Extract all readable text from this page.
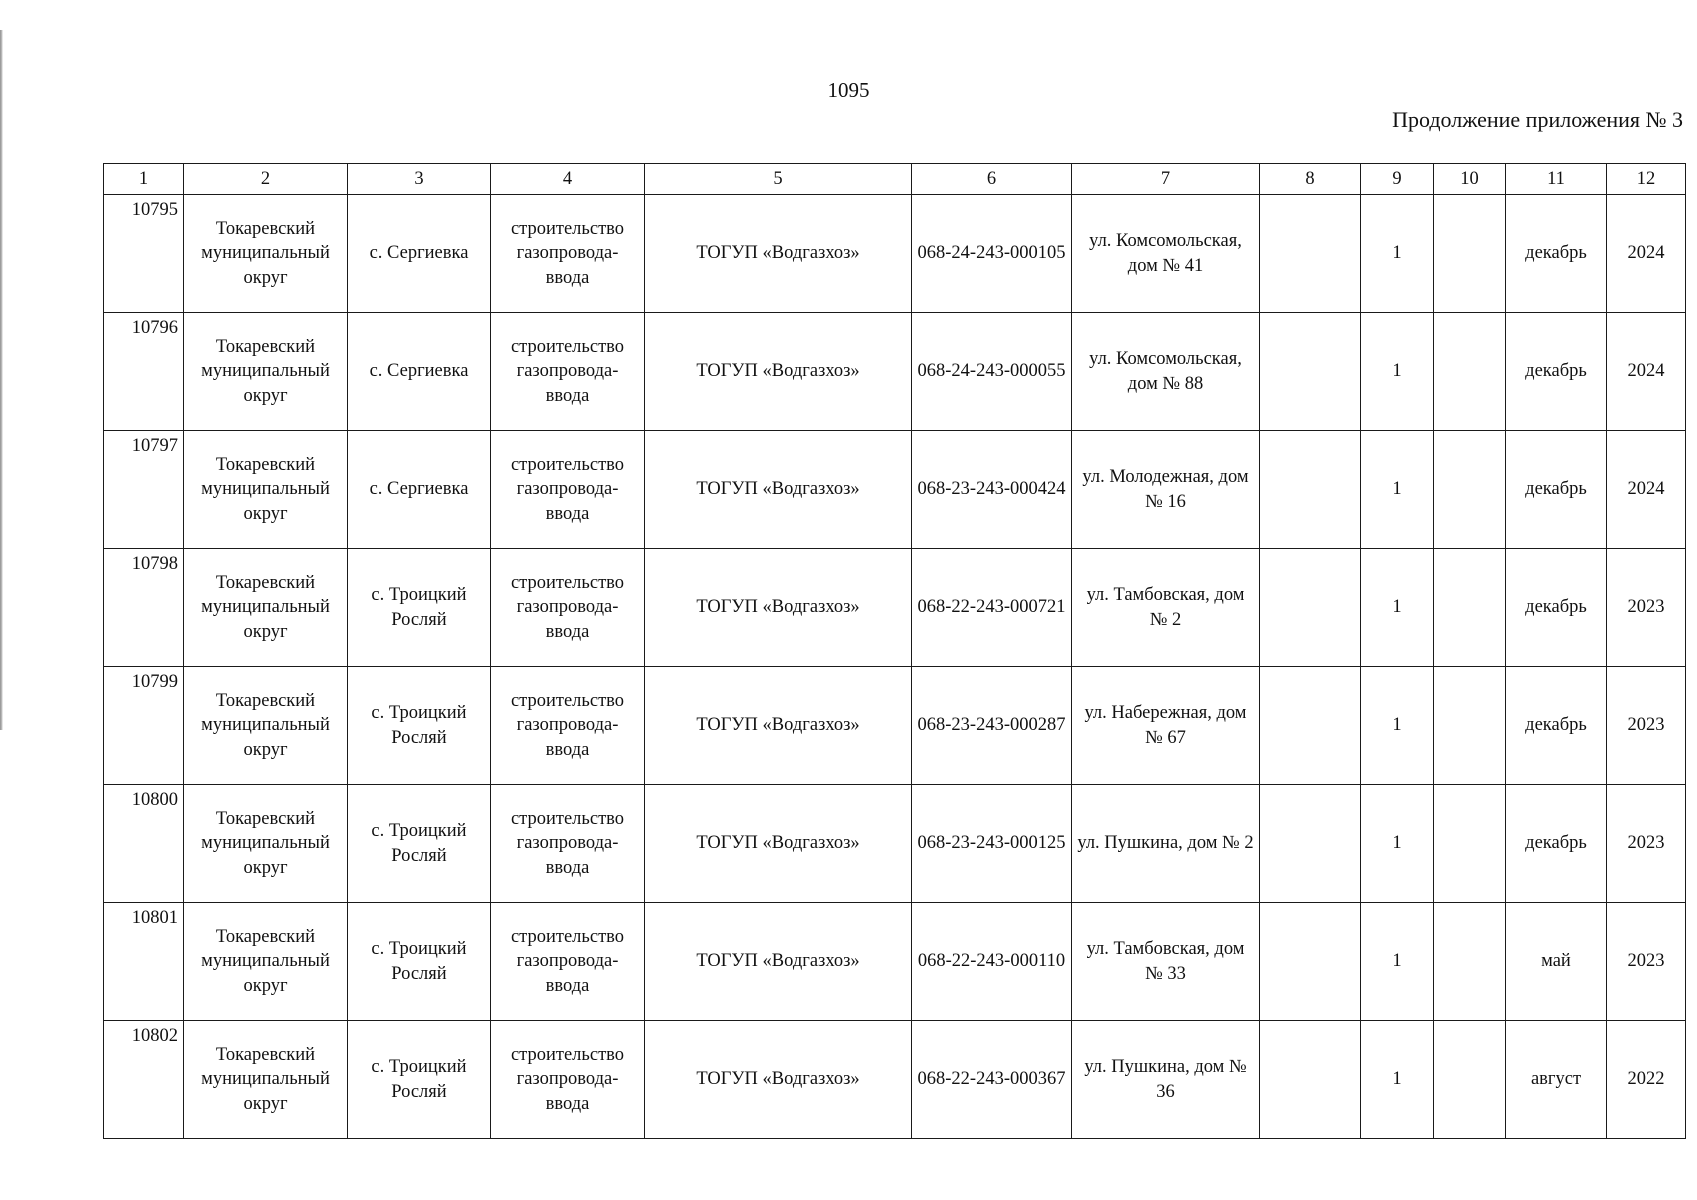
1095
Продолжение приложения № 3
1	2	3	4	5	6	7	8	9	10	11	12
10795	Токаревский муниципальный округ	с. Сергиевка	строительство газопровода-ввода	ТОГУП «Водгазхоз»	068-24-243-000105	ул. Комсомольская, дом № 41		1		декабрь	2024
10796	Токаревский муниципальный округ	с. Сергиевка	строительство газопровода-ввода	ТОГУП «Водгазхоз»	068-24-243-000055	ул. Комсомольская, дом № 88		1		декабрь	2024
10797	Токаревский муниципальный округ	с. Сергиевка	строительство газопровода-ввода	ТОГУП «Водгазхоз»	068-23-243-000424	ул. Молодежная, дом № 16		1		декабрь	2024
10798	Токаревский муниципальный округ	с. Троицкий Росляй	строительство газопровода-ввода	ТОГУП «Водгазхоз»	068-22-243-000721	ул. Тамбовская, дом № 2		1		декабрь	2023
10799	Токаревский муниципальный округ	с. Троицкий Росляй	строительство газопровода-ввода	ТОГУП «Водгазхоз»	068-23-243-000287	ул. Набережная, дом № 67		1		декабрь	2023
10800	Токаревский муниципальный округ	с. Троицкий Росляй	строительство газопровода-ввода	ТОГУП «Водгазхоз»	068-23-243-000125	ул. Пушкина, дом № 2		1		декабрь	2023
10801	Токаревский муниципальный округ	с. Троицкий Росляй	строительство газопровода-ввода	ТОГУП «Водгазхоз»	068-22-243-000110	ул. Тамбовская, дом № 33		1		май	2023
10802	Токаревский муниципальный округ	с. Троицкий Росляй	строительство газопровода-ввода	ТОГУП «Водгазхоз»	068-22-243-000367	ул. Пушкина, дом № 36		1		август	2022
